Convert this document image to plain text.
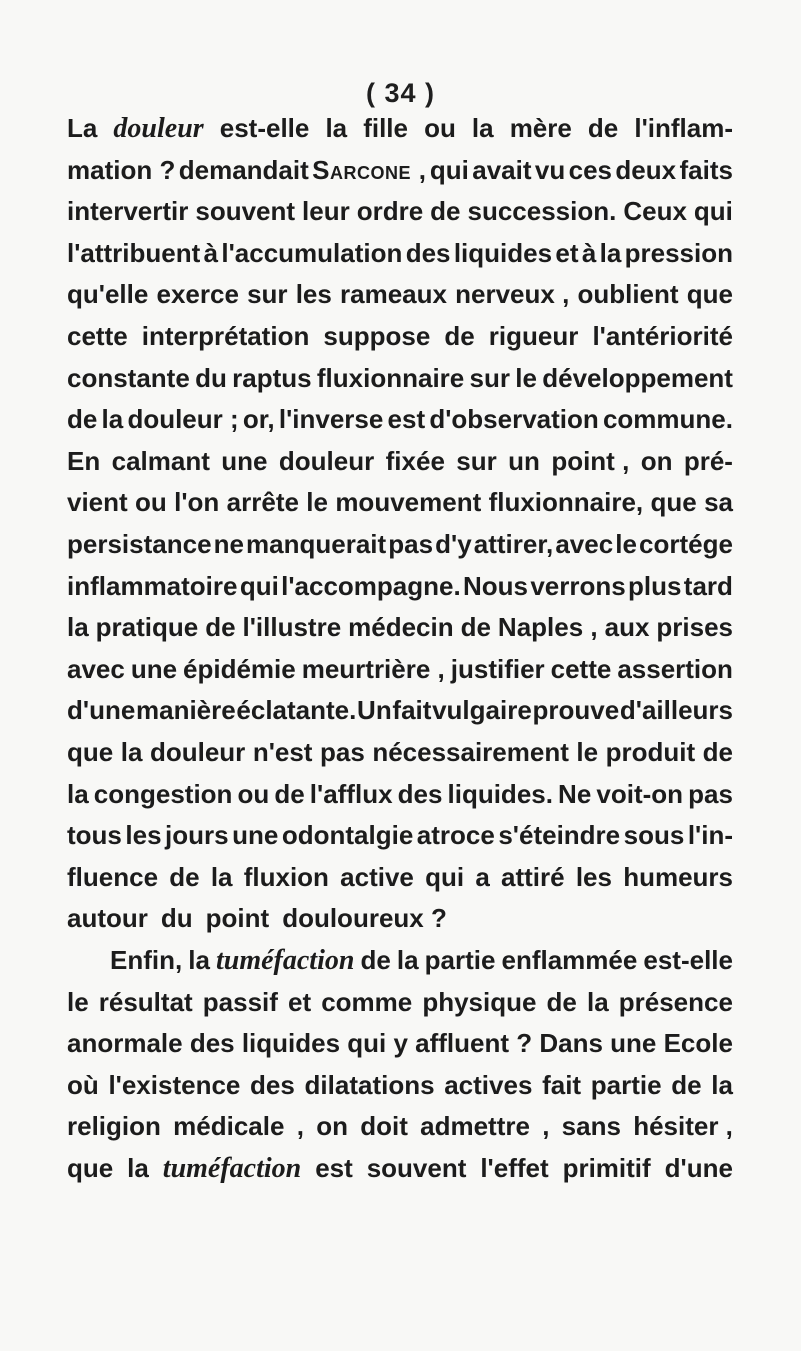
( 34 )
La douleur est-elle la fille ou la mère de l'inflam-
mation ? demandait Sarcone , qui avait vu ces deux faits
intervertir souvent leur ordre de succession. Ceux qui
l'attribuent à l'accumulation des liquides et à la pression
qu'elle exerce sur les rameaux nerveux , oublient que
cette interprétation suppose de rigueur l'antériorité
constante du raptus fluxionnaire sur le développement
de la douleur ; or, l'inverse est d'observation commune.
En calmant une douleur fixée sur un point , on pré-
vient ou l'on arrête le mouvement fluxionnaire, que sa
persistance ne manquerait pas d'y attirer, avec le cortége
inflammatoire qui l'accompagne. Nous verrons plus tard
la pratique de l'illustre médecin de Naples , aux prises
avec une épidémie meurtrière , justifier cette assertion
d'une manière éclatante. Un fait vulgaire prouve d'ailleurs
que la douleur n'est pas nécessairement le produit de
la congestion ou de l'afflux des liquides. Ne voit-on pas
tous les jours une odontalgie atroce s'éteindre sous l'in-
fluence de la fluxion active qui a attiré les humeurs
autour du point douloureux ?
Enfin, la tuméfaction de la partie enflammée est-elle
le résultat passif et comme physique de la présence
anormale des liquides qui y affluent ? Dans une Ecole
où l'existence des dilatations actives fait partie de la
religion médicale , on doit admettre , sans hésiter ,
que la tuméfaction est souvent l'effet primitif d'une
